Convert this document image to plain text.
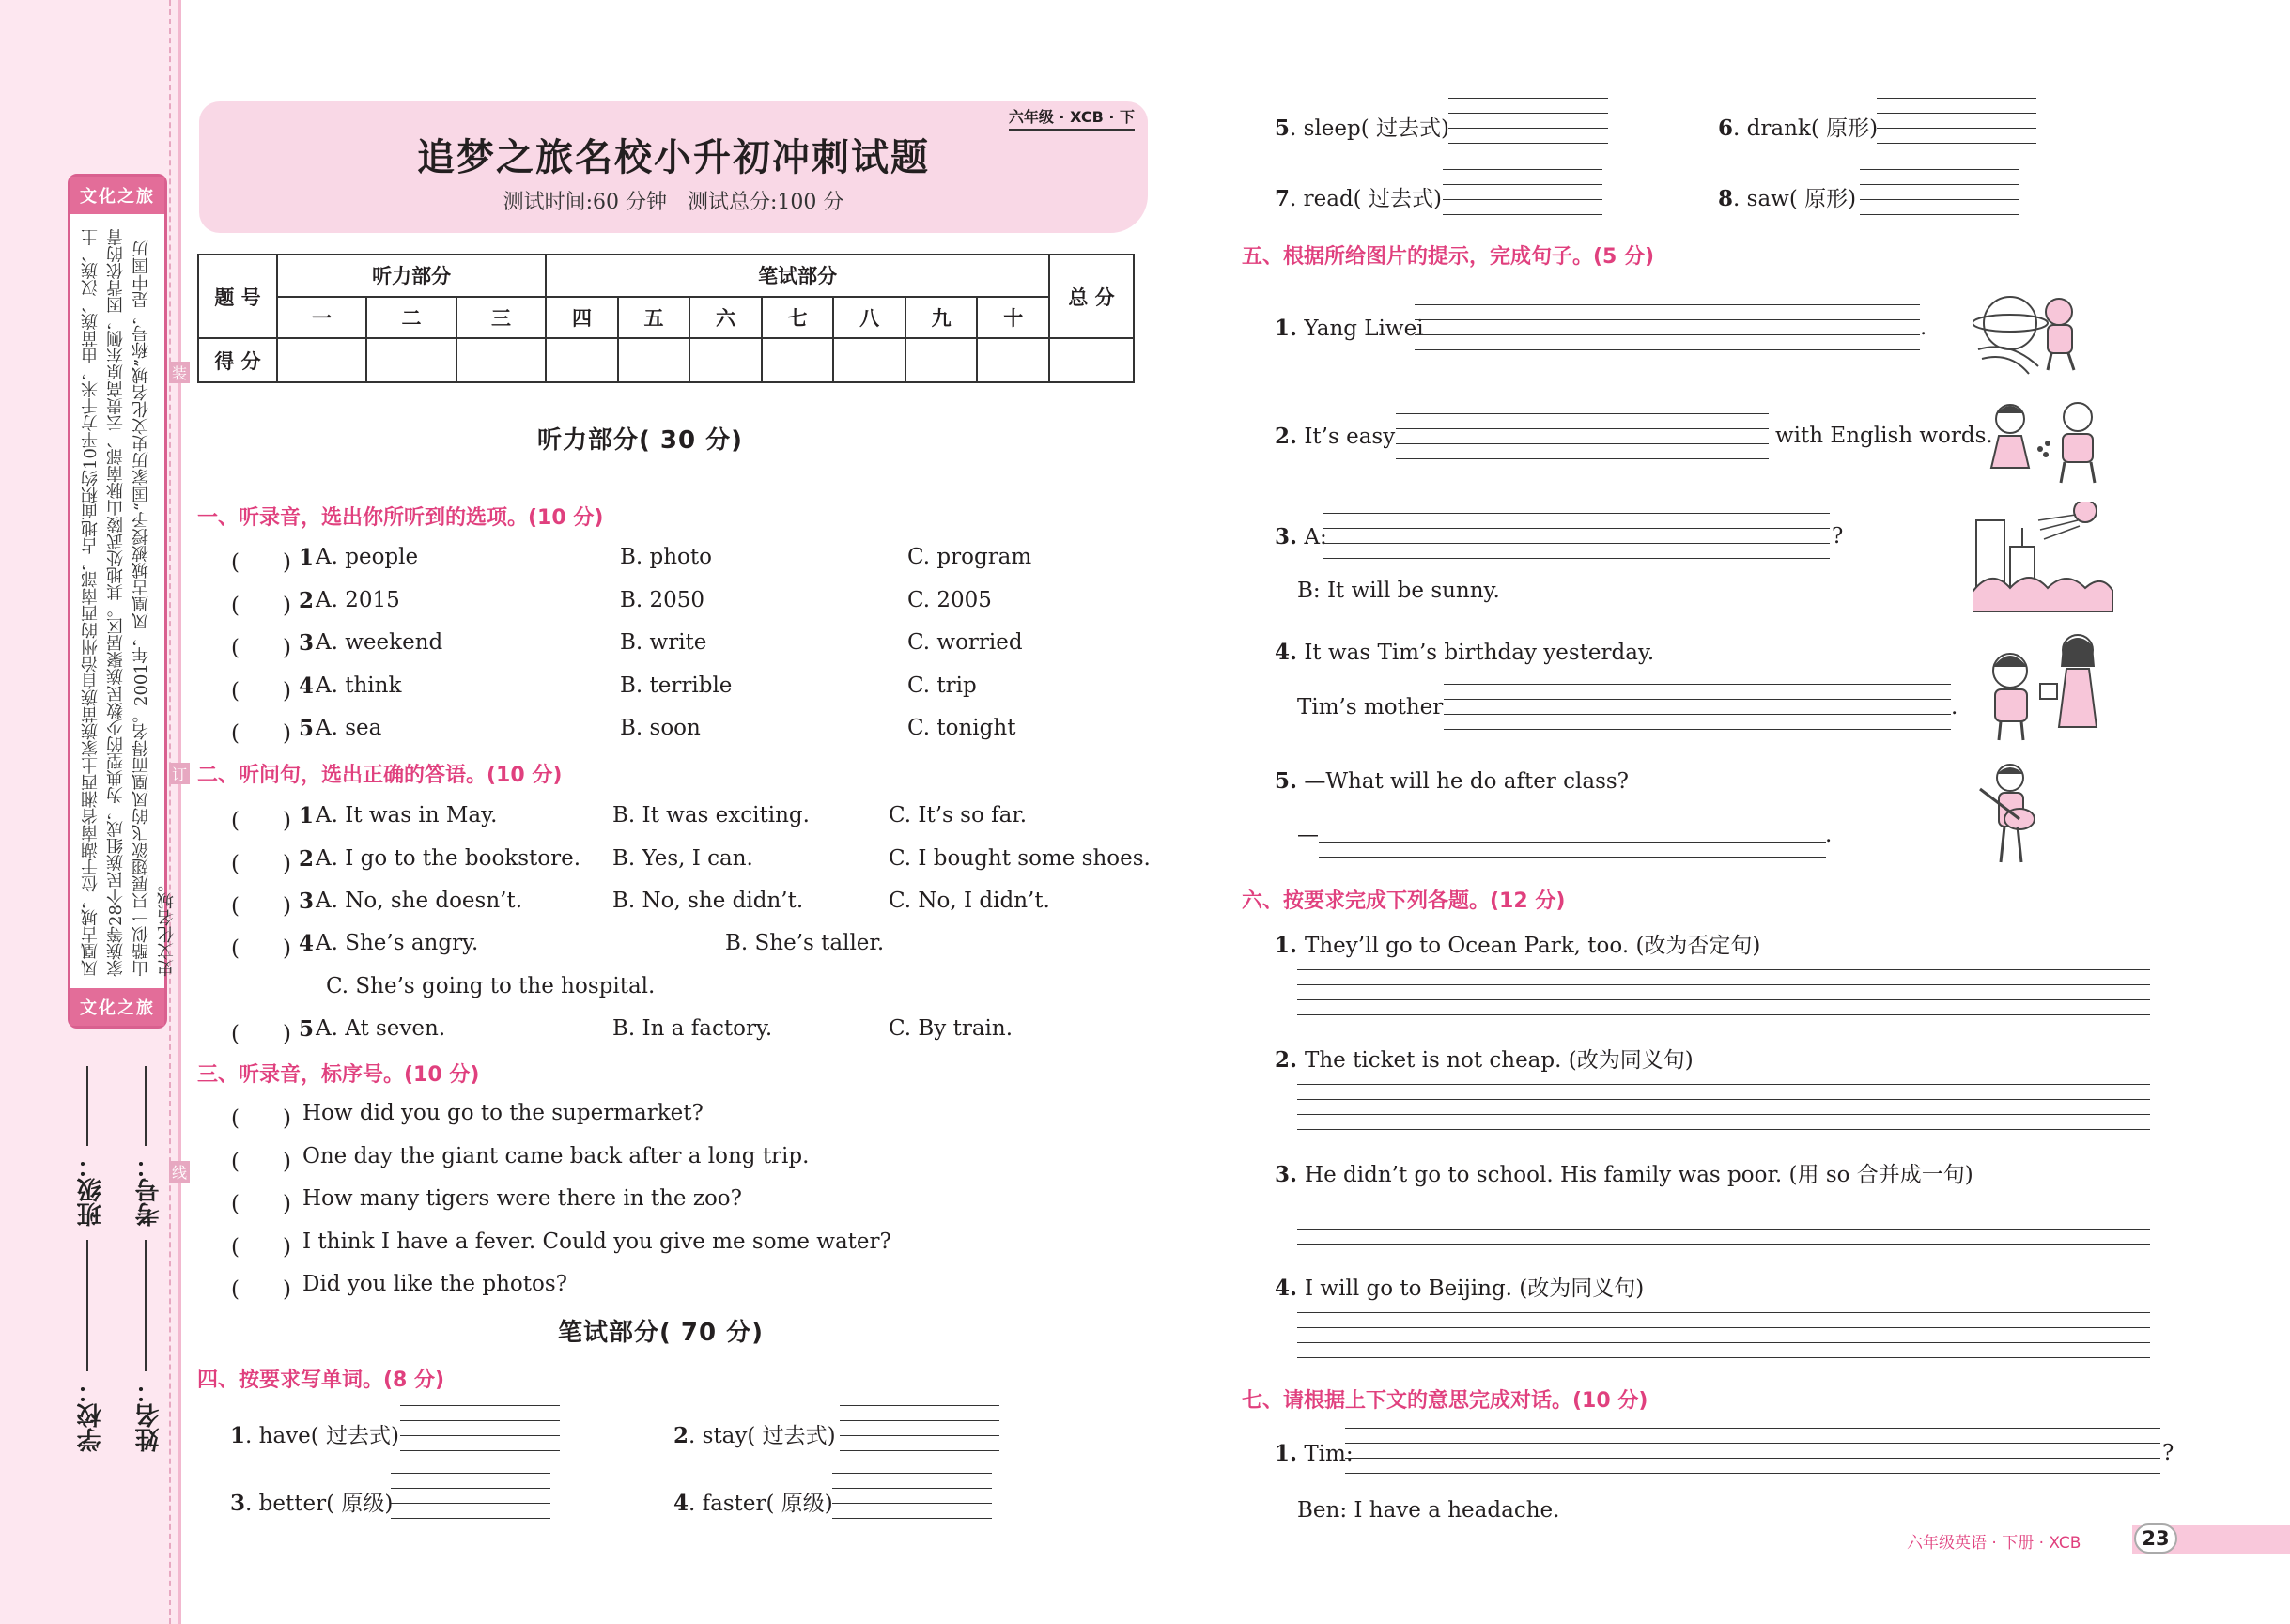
文化之旅
凤凰古城，位于湖南省湘西土家族苗族自治州的西南部，占地面积约10平方千米，由苗族、汉族、土家族等28个民族组成，为典型的少数民族聚居区。其地处武陵山脉南部、云贵高原东侧，因背依的青山酷似一只展翅欲飞的凤凰而得名。2001年，凤凰古城被授予“国家历史文化名城”称号，是中国历史文化名城。
文化之旅
装
订
线
学校：
班级：
姓名：
考号：
六年级 · XCB · 下
追梦之旅名校小升初冲刺试题
测试时间:60 分钟　测试总分:100 分
题 号	听力部分			笔试部分							总 分
	一	二	三	四	五	六	七	八	九	十	
得 分											
听力部分( 30 分)
一、听录音，选出你所听到的选项。(10 分)
二、听问句，选出正确的答语。(10 分)
三、听录音，标序号。(10 分)
笔试部分( 70 分)
四、按要求写单词。(8 分)
五、根据所给图片的提示，完成句子。(5 分)
六、按要求完成下列各题。(12 分)
七、请根据上下文的意思完成对话。(10 分)
1. Yang Liwei	.
2. It’s easy	with English words.
3. A:	?
B: It will be sunny.
4. It was Tim’s birthday yesterday.
Tim’s mother	.
5. —What will he do after class?
—	.
1. Tim:	?
Ben: I have a headache.
六年级英语 · 下册 · XCB	23
(　　) 1 A. people	B. photo	C. program
(　　) 2 A. 2015	B. 2050	C. 2005
(　　) 3 A. weekend	B. write	C. worried
(　　) 4 A. think	B. terrible	C. trip
(　　) 5 A. sea	B. soon	C. tonight
(　　) 1 A. It was in May.	B. It was exciting.	C. It’s so far.
(　　) 2 A. I go to the bookstore. B. Yes, I can.	C. I bought some shoes.
(　　) 3 A. No, she doesn’t.	B. No, she didn’t.	C. No, I didn’t.
(　　) 4 A. She’s angry.	B. She’s taller.
C. She’s going to the hospital.
(　　) 5 A. At seven.	B. In a factory.	C. By train.
(　　) How did you go to the supermarket?
(　　) One day the giant came back after a long trip.
(　　) How many tigers were there in the zoo?
(　　) I think I have a fever. Could you give me some water?
(　　) Did you like the photos?
1. have( 过去式)	2. stay( 过去式)
3. better( 原级)	4. faster( 原级)
5. sleep( 过去式)	6. drank( 原形)
7. read( 过去式)	8. saw( 原形)
1. They’ll go to Ocean Park, too. (改为否定句)
2. The ticket is not cheap. (改为同义句)
3. He didn’t go to school. His family was poor. (用 so 合并成一句)
4. I will go to Beijing. (改为同义句)
